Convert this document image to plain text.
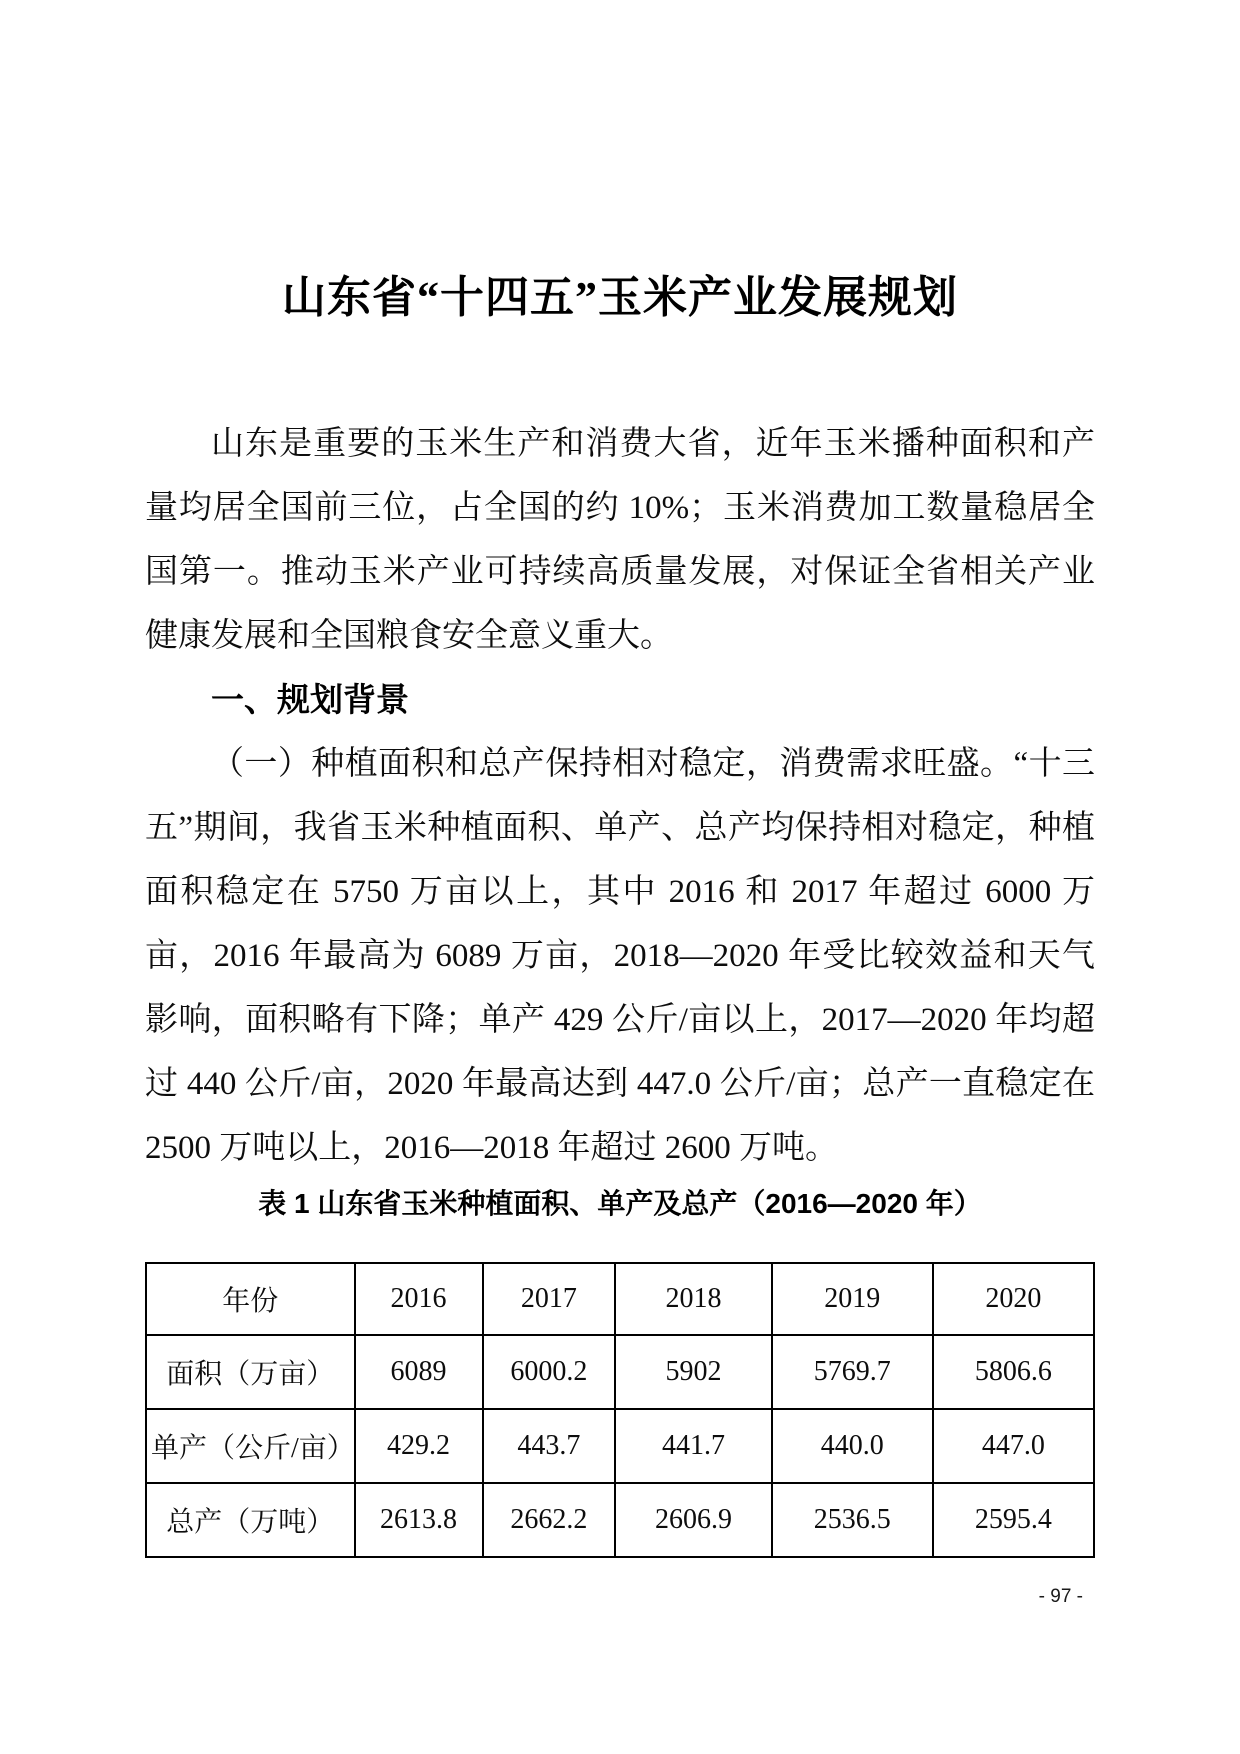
山东省“十四五”玉米产业发展规划

山东是重要的玉米生产和消费大省，近年玉米播种面积和产量均居全国前三位，占全国的约 10%；玉米消费加工数量稳居全国第一。推动玉米产业可持续高质量发展，对保证全省相关产业健康发展和全国粮食安全意义重大。

一、规划背景

（一）种植面积和总产保持相对稳定，消费需求旺盛。“十三五”期间，我省玉米种植面积、单产、总产均保持相对稳定，种植面积稳定在 5750 万亩以上，其中 2016 和 2017 年超过 6000 万亩，2016 年最高为 6089 万亩，2018—2020 年受比较效益和天气影响，面积略有下降；单产 429 公斤/亩以上，2017—2020 年均超过 440 公斤/亩，2020 年最高达到 447.0 公斤/亩；总产一直稳定在 2500 万吨以上，2016—2018 年超过 2600 万吨。

表 1 山东省玉米种植面积、单产及总产（2016—2020 年）
年份	2016	2017	2018	2019	2020
面积（万亩）	6089	6000.2	5902	5769.7	5806.6
单产（公斤/亩）	429.2	443.7	441.7	440.0	447.0
总产（万吨）	2613.8	2662.2	2606.9	2536.5	2595.4
- 97 -
